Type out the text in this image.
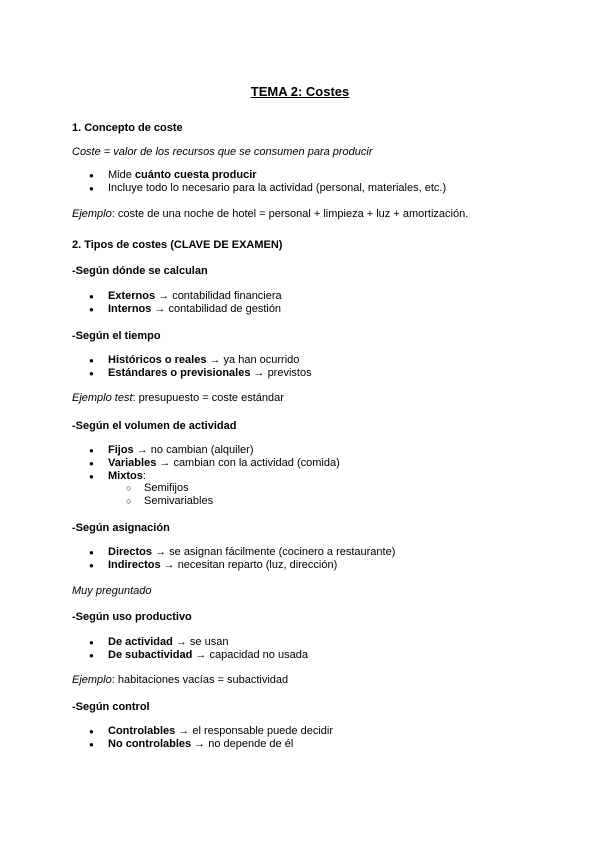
TEMA 2: Costes
1. Concepto de coste
Coste = valor de los recursos que se consumen para producir
Mide cuánto cuesta producir
Incluye todo lo necesario para la actividad (personal, materiales, etc.)
Ejemplo: coste de una noche de hotel = personal + limpieza + luz + amortización.
2. Tipos de costes (CLAVE DE EXAMEN)
-Según dónde se calculan
Externos → contabilidad financiera
Internos → contabilidad de gestión
-Según el tiempo
Históricos o reales → ya han ocurrido
Estándares o previsionales → previstos
Ejemplo test: presupuesto = coste estándar
-Según el volumen de actividad
Fijos → no cambian (alquiler)
Variables → cambian con la actividad (comida)
Mixtos:
Semifijos
Semivariables
-Según asignación
Directos → se asignan fácilmente (cocinero a restaurante)
Indirectos → necesitan reparto (luz, dirección)
Muy preguntado
-Según uso productivo
De actividad → se usan
De subactividad → capacidad no usada
Ejemplo: habitaciones vacías = subactividad
-Según control
Controlables → el responsable puede decidir
No controlables → no depende de él
